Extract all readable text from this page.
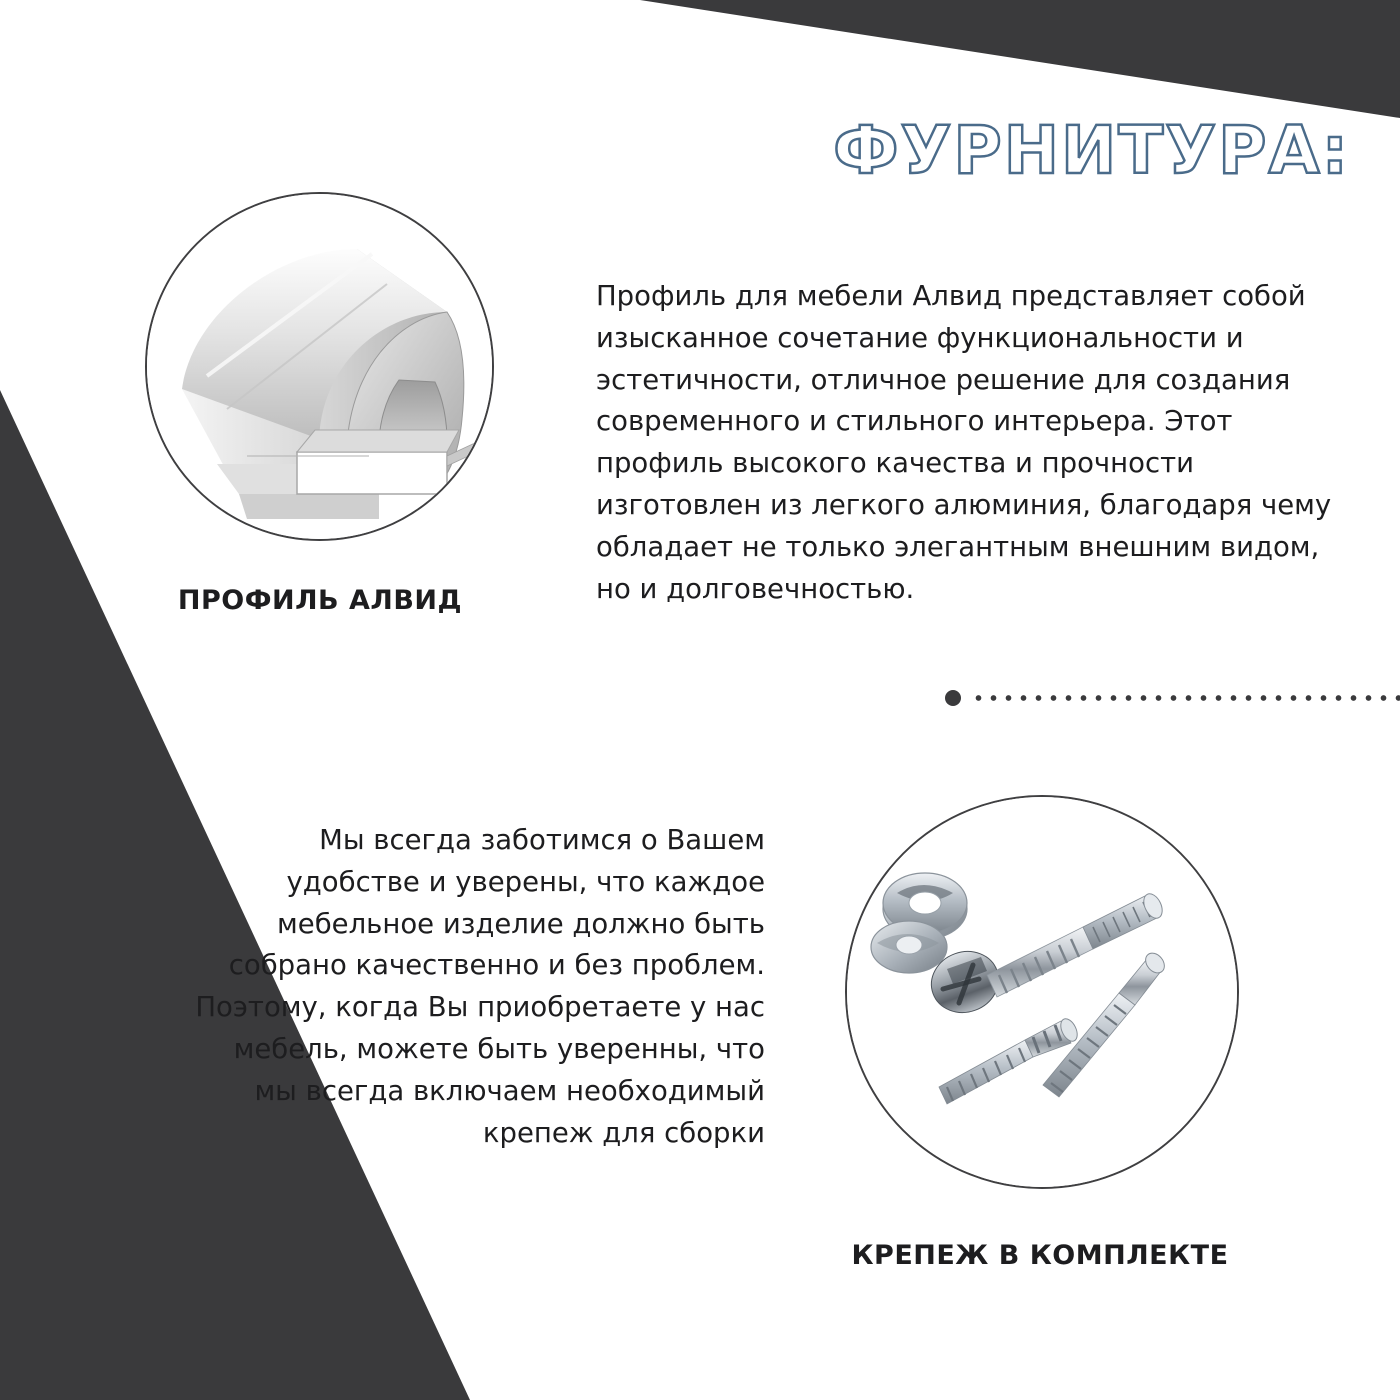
ФУРНИТУРА:
ПРОФИЛЬ АЛВИД
Профиль для мебели Алвид представляет собой изысканное сочетание функциональности и эстетичности, отличное решение для создания современного и стильного интерьера. Этот профиль высокого качества и прочности изготовлен из легкого алюминия, благодаря чему обладает не только элегантным внешним видом, но и долговечностью.
Мы всегда заботимся о Вашем удобстве и уверены, что каждое мебельное изделие должно быть собрано качественно и без проблем. Поэтому, когда Вы приобретаете у нас мебель, можете быть уверенны, что мы всегда включаем необходимый крепеж для сборки
КРЕПЕЖ В КОМПЛЕКТЕ
